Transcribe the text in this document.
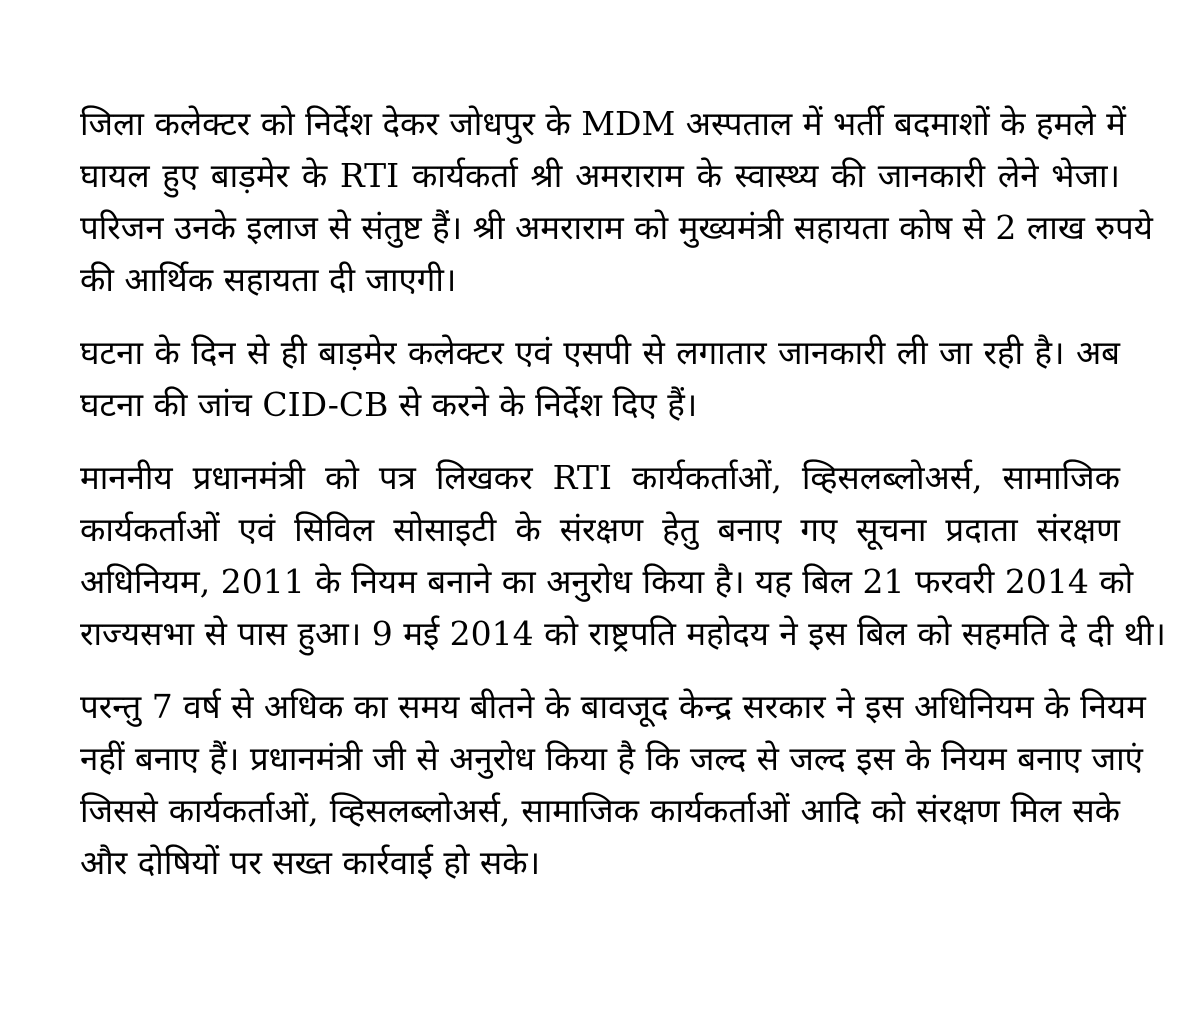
जिला कलेक्टर को निर्देश देकर जोधपुर के MDM अस्पताल में भर्ती बदमाशों के हमले में
घायल हुए बाड़मेर के RTI कार्यकर्ता श्री अमराराम के स्वास्थ्य की जानकारी लेने भेजा।
परिजन उनके इलाज से संतुष्ट हैं। श्री अमराराम को मुख्यमंत्री सहायता कोष से 2 लाख रुपये
की आर्थिक सहायता दी जाएगी।

घटना के दिन से ही बाड़मेर कलेक्टर एवं एसपी से लगातार जानकारी ली जा रही है। अब
घटना की जांच CID-CB से करने के निर्देश दिए हैं।

माननीय प्रधानमंत्री को पत्र लिखकर RTI कार्यकर्ताओं, व्हिसलब्लोअर्स, सामाजिक
कार्यकर्ताओं एवं सिविल सोसाइटी के संरक्षण हेतु बनाए गए सूचना प्रदाता संरक्षण
अधिनियम, 2011 के नियम बनाने का अनुरोध किया है। यह बिल 21 फरवरी 2014 को
राज्यसभा से पास हुआ। 9 मई 2014 को राष्ट्रपति महोदय ने इस बिल को सहमति दे दी थी।

परन्तु 7 वर्ष से अधिक का समय बीतने के बावजूद केन्द्र सरकार ने इस अधिनियम के नियम
नहीं बनाए हैं। प्रधानमंत्री जी से अनुरोध किया है कि जल्द से जल्द इस के नियम बनाए जाएं
जिससे कार्यकर्ताओं, व्हिसलब्लोअर्स, सामाजिक कार्यकर्ताओं आदि को संरक्षण मिल सके
और दोषियों पर सख्त कार्रवाई हो सके।
